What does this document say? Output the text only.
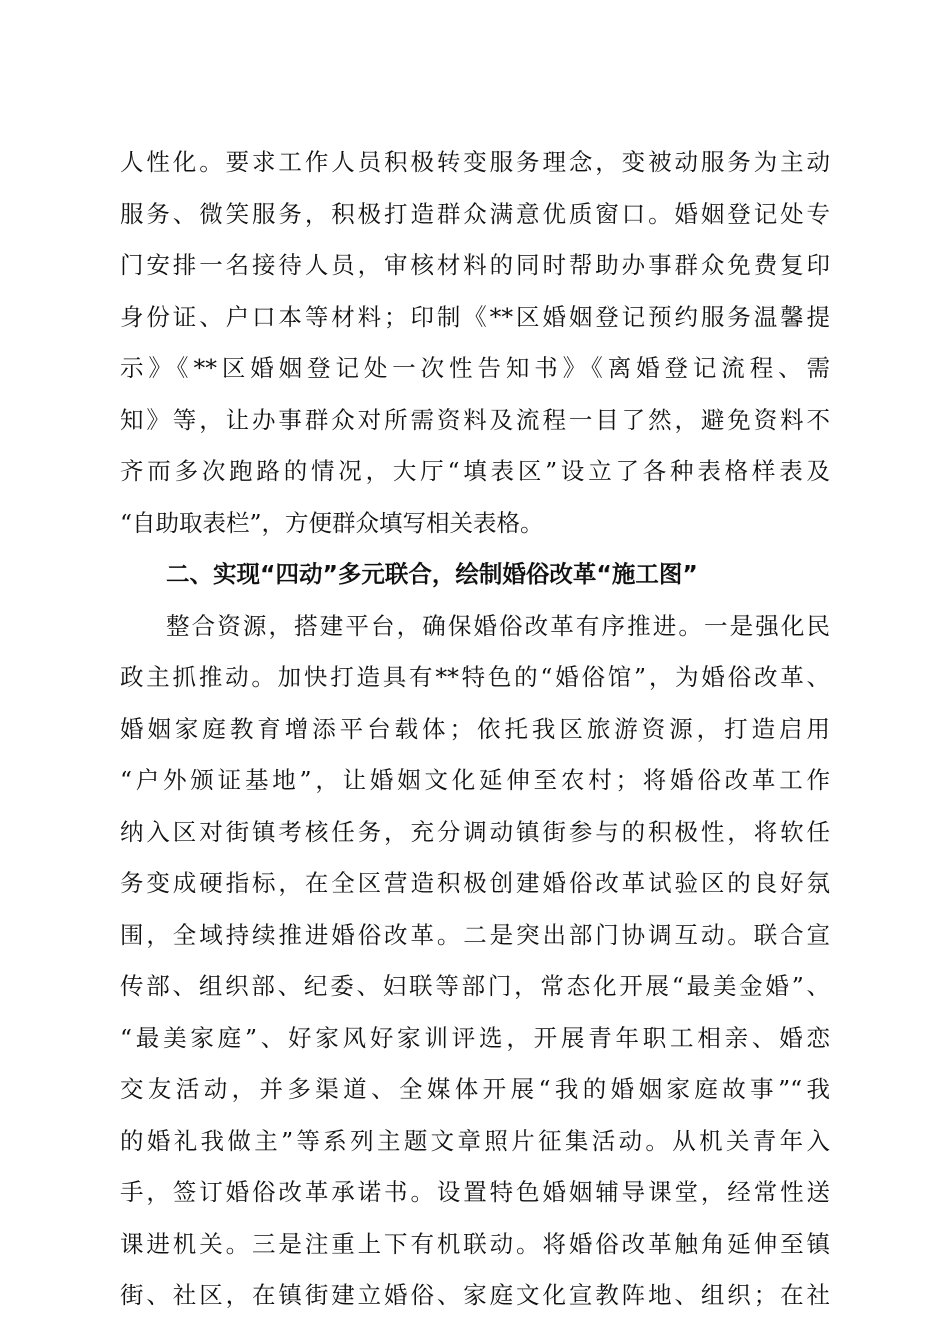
人性化。要求工作人员积极转变服务理念，变被动服务为主动
服务、微笑服务，积极打造群众满意优质窗口。婚姻登记处专
门安排一名接待人员，审核材料的同时帮助办事群众免费复印
身份证、户口本等材料；印制《**区婚姻登记预约服务温馨提
示》《**区婚姻登记处一次性告知书》《离婚登记流程、需
知》等，让办事群众对所需资料及流程一目了然，避免资料不
齐而多次跑路的情况，大厅“填表区”设立了各种表格样表及
“自助取表栏”，方便群众填写相关表格。
二、实现“四动”多元联合，绘制婚俗改革“施工图”
整合资源，搭建平台，确保婚俗改革有序推进。一是强化民
政主抓推动。加快打造具有**特色的“婚俗馆”，为婚俗改革、
婚姻家庭教育增添平台载体；依托我区旅游资源，打造启用
“户外颁证基地”，让婚姻文化延伸至农村；将婚俗改革工作
纳入区对街镇考核任务，充分调动镇街参与的积极性，将软任
务变成硬指标，在全区营造积极创建婚俗改革试验区的良好氛
围，全域持续推进婚俗改革。二是突出部门协调互动。联合宣
传部、组织部、纪委、妇联等部门，常态化开展“最美金婚”、
“最美家庭”、好家风好家训评选，开展青年职工相亲、婚恋
交友活动，并多渠道、全媒体开展“我的婚姻家庭故事”“我
的婚礼我做主”等系列主题文章照片征集活动。从机关青年入
手，签订婚俗改革承诺书。设置特色婚姻辅导课堂，经常性送
课进机关。三是注重上下有机联动。将婚俗改革触角延伸至镇
街、社区，在镇街建立婚俗、家庭文化宣教阵地、组织；在社
